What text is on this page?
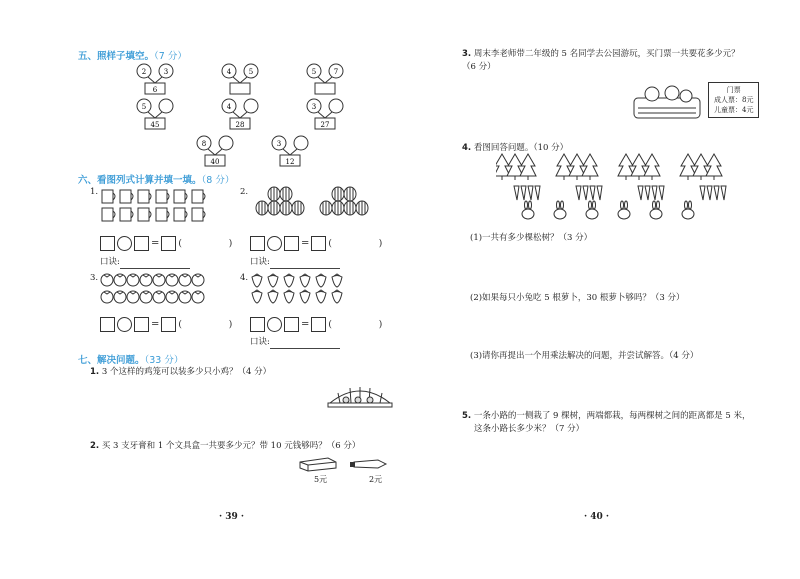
五、照样子填空。（7 分）
2	3
6
4	5	5	7
5
45
4
28
3
27
8
40
3
12
六、看图列式计算并填一填。（8 分）
1.
= ( )
口诀:
2.
= ( )
口诀:
3.
= ( )
4.
= ( )
口诀:
七、解决问题。（33 分）
1. 3 个这样的鸡笼可以装多少只小鸡？（4 分）
2. 买 3 支牙膏和 1 个文具盒一共要多少元？带 10 元钱够吗？（6 分）
5元	2元
· 39 ·
3. 周末李老师带二年级的 5 名同学去公园游玩，买门票一共要花多少元？
（6 分）
门票
成人票：8元
儿童票：4元
4. 看图回答问题。（10 分）
(1)一共有多少棵松树？（3 分）
(2)如果每只小兔吃 5 根萝卜，30 根萝卜够吗？（3 分）
(3)请你再提出一个用乘法解决的问题，并尝试解答。（4 分）
5. 一条小路的一侧栽了 9 棵树，两端都栽，每两棵树之间的距离都是 5 米，
这条小路长多少米？（7 分）
· 40 ·
